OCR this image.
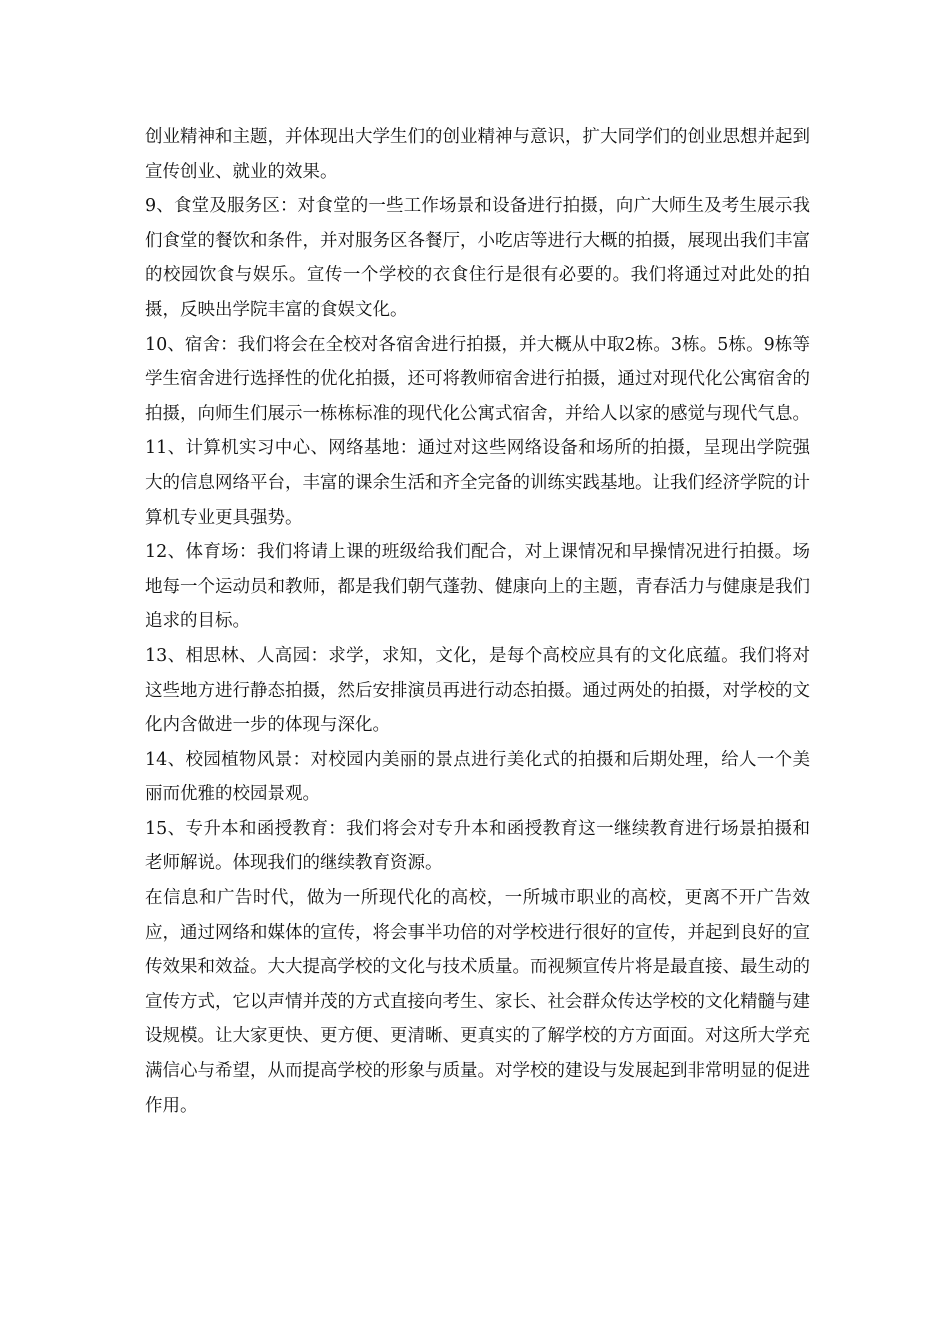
创业精神和主题，并体现出大学生们的创业精神与意识，扩大同学们的创业思想并起到宣传创业、就业的效果。

9、食堂及服务区：对食堂的一些工作场景和设备进行拍摄，向广大师生及考生展示我们食堂的餐饮和条件，并对服务区各餐厅，小吃店等进行大概的拍摄，展现出我们丰富的校园饮食与娱乐。宣传一个学校的衣食住行是很有必要的。我们将通过对此处的拍摄，反映出学院丰富的食娱文化。

10、宿舍：我们将会在全校对各宿舍进行拍摄，并大概从中取2栋。3栋。5栋。9栋等学生宿舍进行选择性的优化拍摄，还可将教师宿舍进行拍摄，通过对现代化公寓宿舍的拍摄，向师生们展示一栋栋标准的现代化公寓式宿舍，并给人以家的感觉与现代气息。

11、计算机实习中心、网络基地：通过对这些网络设备和场所的拍摄，呈现出学院强大的信息网络平台，丰富的课余生活和齐全完备的训练实践基地。让我们经济学院的计算机专业更具强势。

12、体育场：我们将请上课的班级给我们配合，对上课情况和早操情况进行拍摄。场地每一个运动员和教师，都是我们朝气蓬勃、健康向上的主题，青春活力与健康是我们追求的目标。

13、相思林、人高园：求学，求知，文化，是每个高校应具有的文化底蕴。我们将对这些地方进行静态拍摄，然后安排演员再进行动态拍摄。通过两处的拍摄，对学校的文化内含做进一步的体现与深化。

14、校园植物风景：对校园内美丽的景点进行美化式的拍摄和后期处理，给人一个美丽而优雅的校园景观。

15、专升本和函授教育：我们将会对专升本和函授教育这一继续教育进行场景拍摄和老师解说。体现我们的继续教育资源。

在信息和广告时代，做为一所现代化的高校，一所城市职业的高校，更离不开广告效应，通过网络和媒体的宣传，将会事半功倍的对学校进行很好的宣传，并起到良好的宣传效果和效益。大大提高学校的文化与技术质量。而视频宣传片将是最直接、最生动的宣传方式，它以声情并茂的方式直接向考生、家长、社会群众传达学校的文化精髓与建设规模。让大家更快、更方便、更清晰、更真实的了解学校的方方面面。对这所大学充满信心与希望，从而提高学校的形象与质量。对学校的建设与发展起到非常明显的促进作用。
